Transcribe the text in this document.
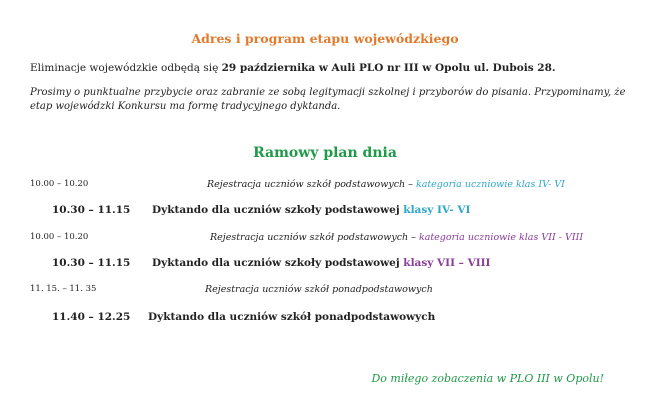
Adres i program etapu wojewódzkiego
Eliminacje wojewódzkie odbędą się 29 października w Auli PLO nr III w Opolu ul. Dubois 28.
Prosimy o punktualne przybycie oraz zabranie ze sobą legitymacji szkolnej i przyborów do pisania. Przypominamy, że etap wojewódzki Konkursu ma formę tradycyjnego dyktanda.
Ramowy plan dnia
10.00 – 10.20	Rejestracja uczniów szkół podstawowych – kategoria uczniowie klas IV- VI
10.30 – 11.15 Dyktando dla uczniów szkoły podstawowej klasy IV- VI
10.00 – 10.20	Rejestracja uczniów szkół podstawowych – kategoria uczniowie klas VII - VIII
10.30 – 11.15 Dyktando dla uczniów szkoły podstawowej klasy VII – VIII
11. 15. – 11. 35	Rejestracja uczniów szkół ponadpodstawowych
11.40 – 12.25 Dyktando dla uczniów szkół ponadpodstawowych
Do miłego zobaczenia w PLO III w Opolu!
